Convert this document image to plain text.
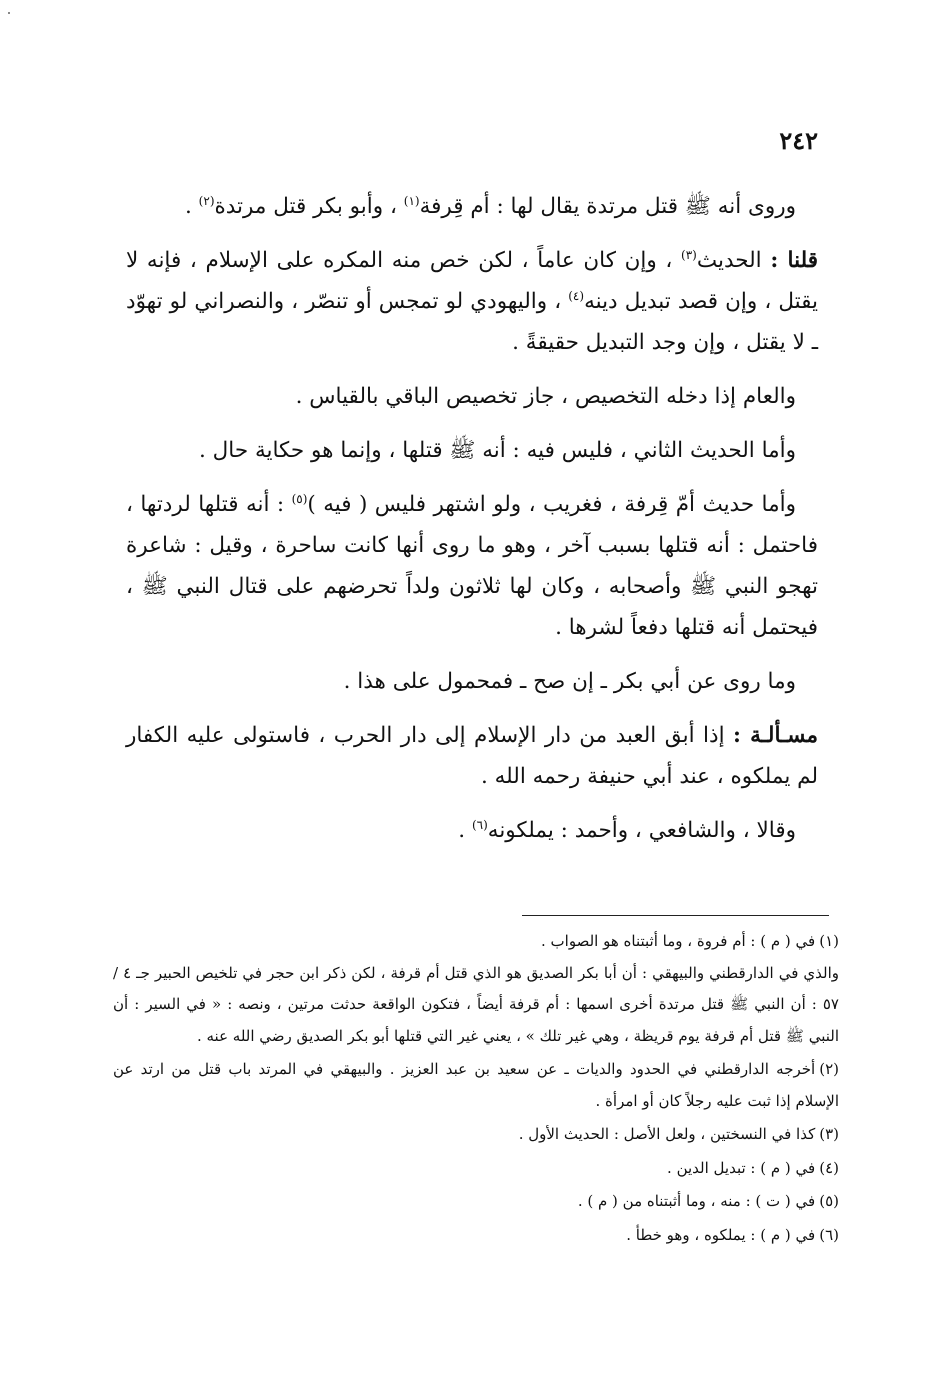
٢٤٢

وروى أنه ﷺ قتل مرتدة يقال لها : أم قِرفة$^{(١)}$ ، وأبو بكر قتل مرتدة$^{(٢)}$ .

قلنا : الحديث$^{(٣)}$ ، وإن كان عاماً ، لكن خص منه المكره على الإسلام ، فإنه لا يقتل ، وإن قصد تبديل دينه$^{(٤)}$ ، واليهودي لو تمجس أو تنصّر ، والنصراني لو تهوّد ـ لا يقتل ، وإن وجد التبديل حقيقةً .

والعام إذا دخله التخصيص ، جاز تخصيص الباقي بالقياس .

وأما الحديث الثاني ، فليس فيه : أنه ﷺ قتلها ، وإنما هو حكاية حال .

وأما حديث أمّ قِرفة ، فغريب ، ولو اشتهر فليس ( فيه )$^{(٥)}$ : أنه قتلها لردتها ، فاحتمل : أنه قتلها بسبب آخر ، وهو ما روى أنها كانت ساحرة ، وقيل : شاعرة تهجو النبي ﷺ وأصحابه ، وكان لها ثلاثون ولداً تحرضهم على قتال النبي ﷺ ، فيحتمل أنه قتلها دفعاً لشرها .

وما روى عن أبي بكر ـ إن صح ـ فمحمول على هذا .

مسـألـة : إذا أبق العبد من دار الإسلام إلى دار الحرب ، فاستولى عليه الكفار لم يملكوه ، عند أبي حنيفة رحمه الله .

وقالا ، والشافعي ، وأحمد : يملكونه$^{(٦)}$ .

(١)في ( م ) : أم فروة ، وما أثبتناه هو الصواب .
والذي في الدارقطني والبيهقي : أن أبا بكر الصديق هو الذي قتل أم قرفة ، لكن ذكر ابن حجر في تلخيص الحبير جـ ٤ / ٥٧ : أن النبي ﷺ قتل مرتدة أخرى اسمها : أم قرفة أيضاً ، فتكون الواقعة حدثت مرتين ، ونصه : « في السير : أن النبي ﷺ قتل أم قرفة يوم قريظة ، وهي غير تلك » ، يعني غير التي قتلها أبو بكر الصديق رضي الله عنه .
(٢)أخرجه الدارقطني في الحدود والديات ـ عن سعيد بن عبد العزيز . والبيهقي في المرتد باب قتل من ارتد عن الإسلام إذا ثبت عليه رجلاً كان أو امرأة .
(٣)كذا في النسختين ، ولعل الأصل : الحديث الأول .
(٤)في ( م ) : تبديل الدين .
(٥)في ( ت ) : منه ، وما أثبتناه من ( م ) .
(٦)في ( م ) : يملكوه ، وهو خطأ .
